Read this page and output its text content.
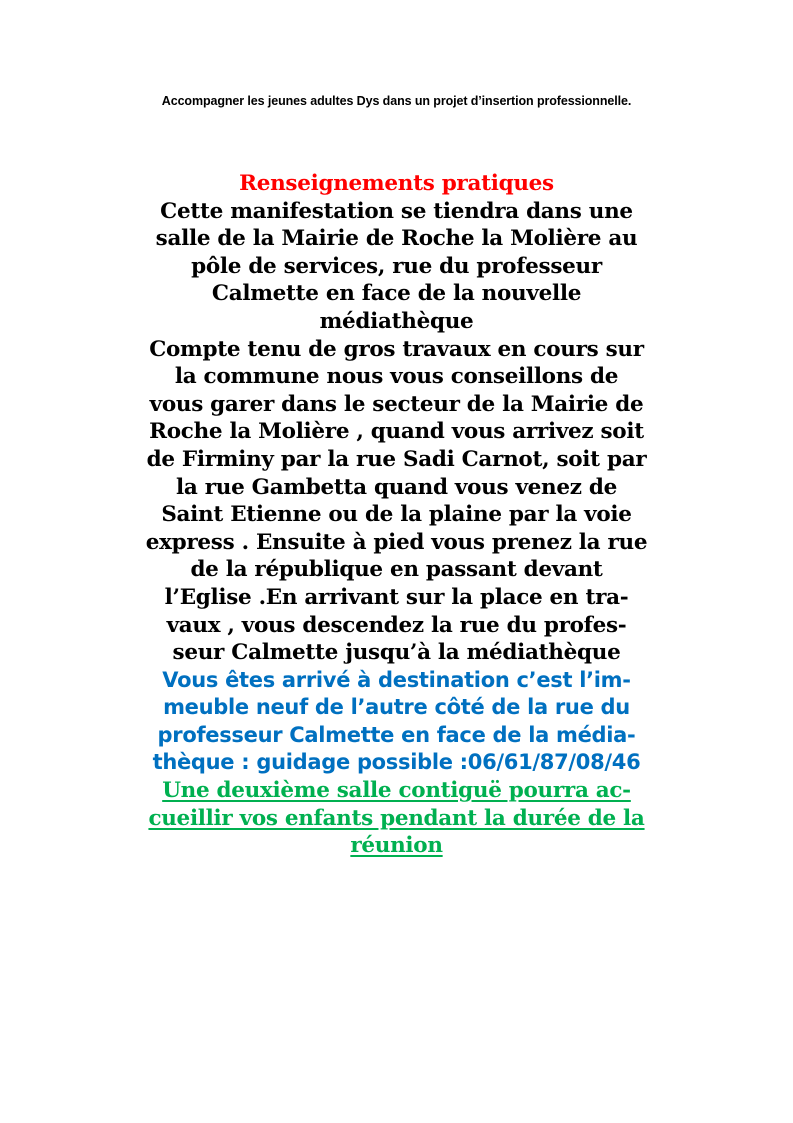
Accompagner les jeunes adultes Dys dans un projet d’insertion professionnelle.
Renseignements pratiques
Cette manifestation se tiendra dans une
salle de la Mairie de Roche la Molière au
pôle de services, rue du professeur
Calmette en face de la nouvelle
médiathèque
Compte tenu de gros travaux en cours sur
la commune nous vous conseillons de
vous garer dans le secteur de la Mairie de
Roche la Molière , quand vous arrivez soit
de Firminy par la rue Sadi Carnot, soit par
la rue Gambetta quand vous venez de
Saint Etienne ou de la plaine par la voie
express . Ensuite à pied vous prenez la rue
de la république en passant devant
l’Eglise .En arrivant sur la place en tra-
vaux , vous descendez la rue du profes-
seur Calmette jusqu’à la médiathèque
Vous êtes arrivé à destination c’est l’im-
meuble neuf de l’autre côté de la rue du
professeur Calmette en face de la média-
thèque : guidage possible :06/61/87/08/46
Une deuxième salle contiguë pourra ac-
cueillir vos enfants pendant la durée de la
réunion
